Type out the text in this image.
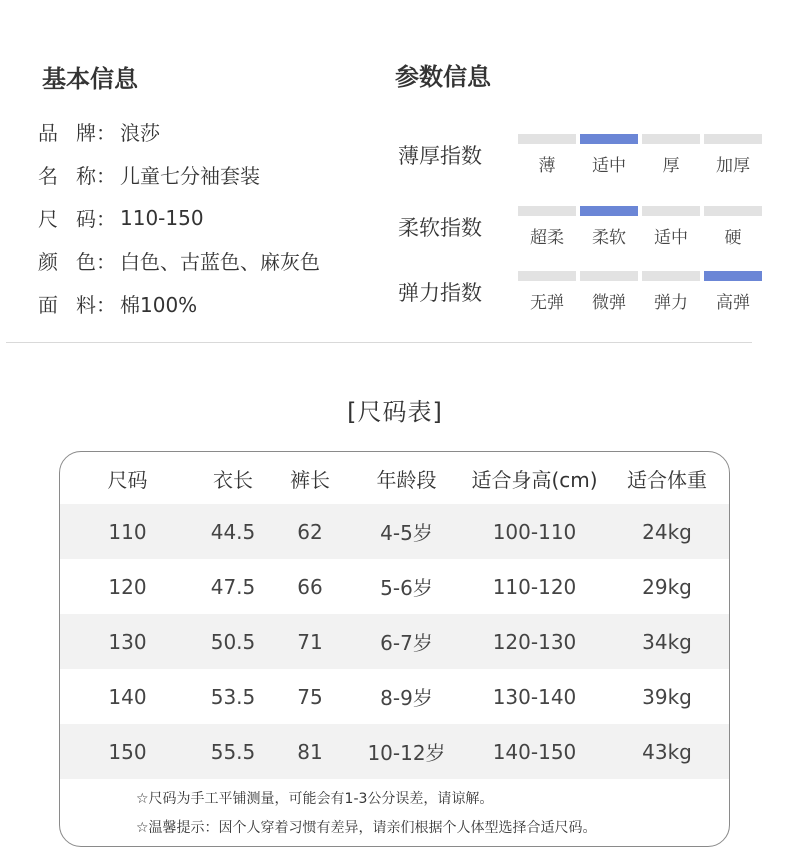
基本信息
品 牌 ： 浪莎
名 称 ： 儿童七分袖套装
尺 码 ： 110-150
颜 色 ： 白色、古蓝色、麻灰色
面 料 ： 棉100%
参数信息
薄厚指数	薄	适中	厚	加厚
柔软指数	超柔	柔软	适中	硬
弹力指数	无弹	微弹	弹力	高弹
[尺码表]
尺码	衣长	裤长	年龄段	适合身高(cm)	适合体重
110	44.5	62	4-5岁	100-110	24kg
120	47.5	66	5-6岁	110-120	29kg
130	50.5	71	6-7岁	120-130	34kg
140	53.5	75	8-9岁	130-140	39kg
150	55.5	81	10-12岁	140-150	43kg
☆尺码为手工平铺测量，可能会有1-3公分误差，请谅解。
☆温馨提示：因个人穿着习惯有差异，请亲们根据个人体型选择合适尺码。
